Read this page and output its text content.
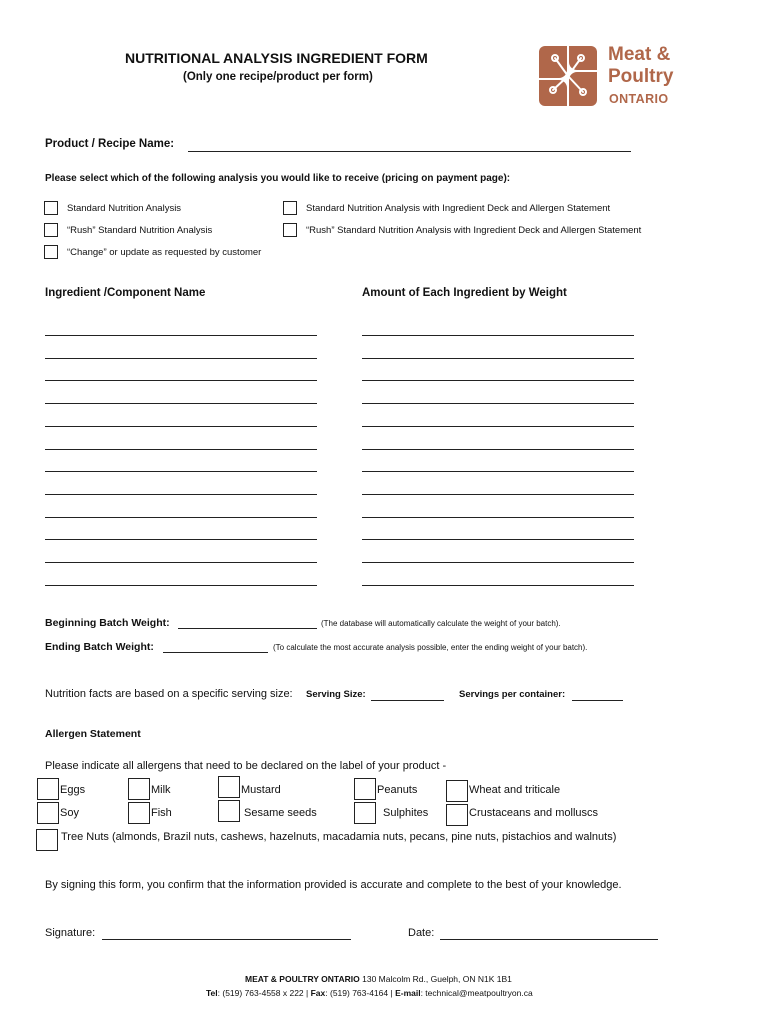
NUTRITIONAL ANALYSIS INGREDIENT FORM
(Only one recipe/product per form)
Meat &
Poultry
ONTARIO
Product / Recipe Name:
Please select which of the following analysis you would like to receive (pricing on payment page):
Standard Nutrition Analysis	Standard Nutrition Analysis with Ingredient Deck and Allergen Statement
“Rush” Standard Nutrition Analysis	“Rush” Standard Nutrition Analysis with Ingredient Deck and Allergen Statement
“Change” or update as requested by customer
Ingredient /Component Name	Amount of Each Ingredient by Weight
Beginning Batch Weight:	(The database will automatically calculate the weight of your batch).
Ending Batch Weight:	(To calculate the most accurate analysis possible, enter the ending weight of your batch).
Nutrition facts are based on a specific serving size: Serving Size:	Servings per container:
Allergen Statement
Please indicate all allergens that need to be declared on the label of your product -
Eggs	Milk	Mustard	Peanuts	Wheat and triticale
Soy	Fish	Sesame seeds	Sulphites	Crustaceans and molluscs
Tree Nuts (almonds, Brazil nuts, cashews, hazelnuts, macadamia nuts, pecans, pine nuts, pistachios and walnuts)
By signing this form, you confirm that the information provided is accurate and complete to the best of your knowledge.
Signature:	Date:
MEAT & POULTRY ONTARIO 130 Malcolm Rd., Guelph, ON N1K 1B1
Tel: (519) 763-4558 x 222 | Fax: (519) 763-4164 | E-mail: technical@meatpoultryon.ca
